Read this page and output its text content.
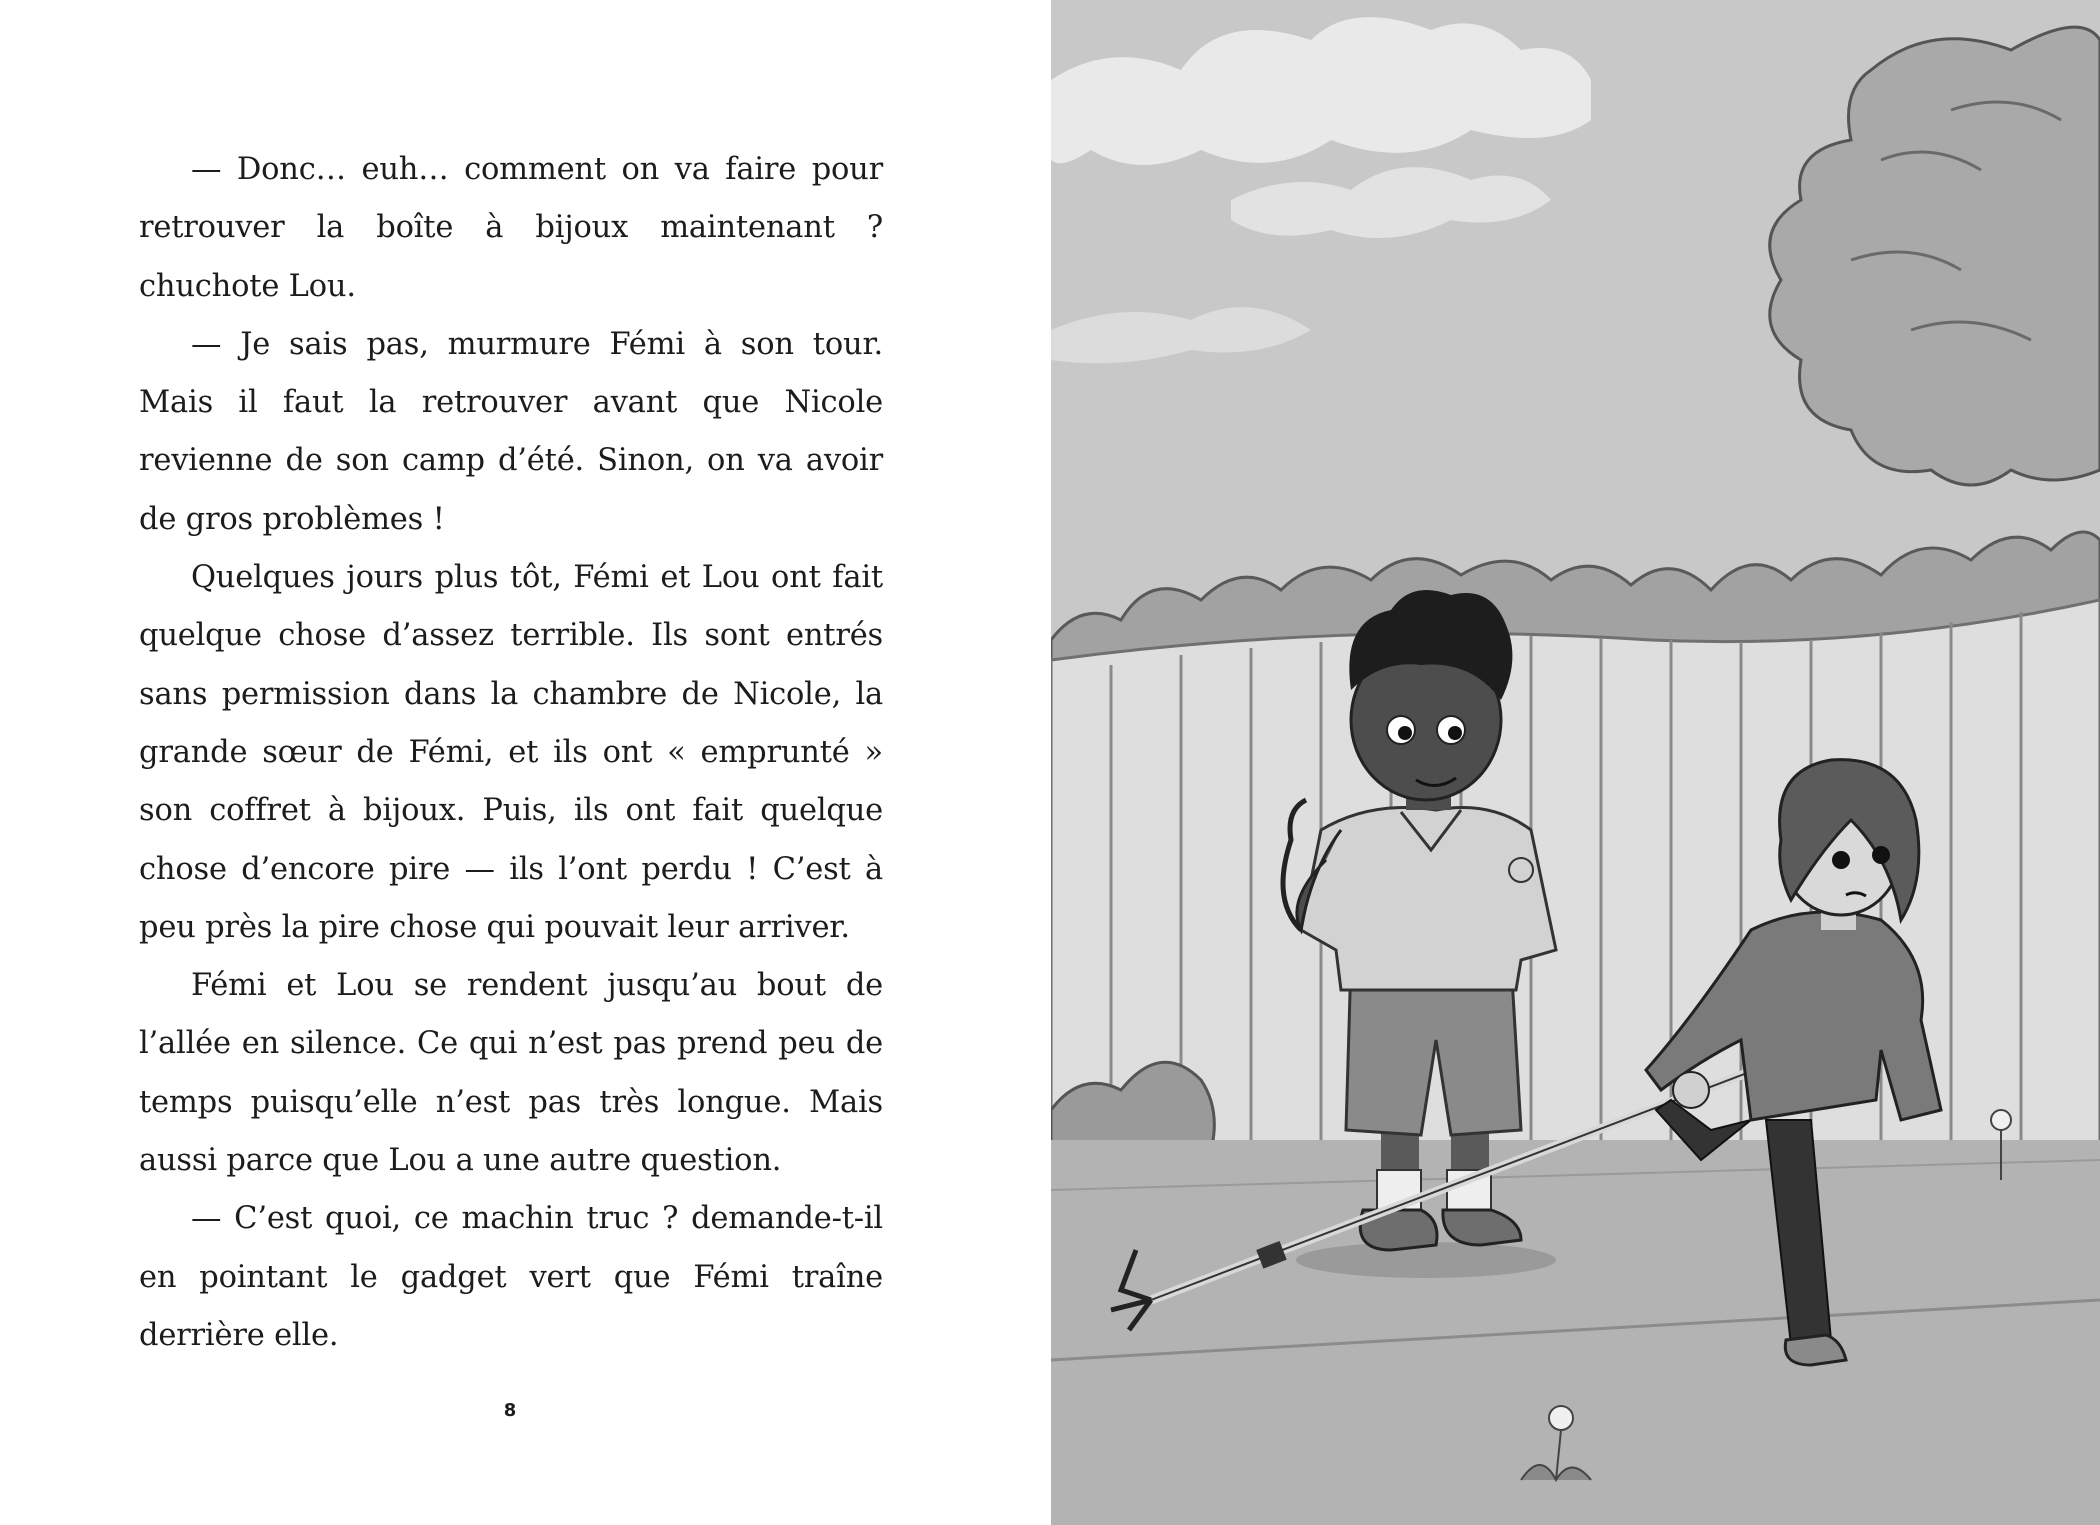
— Donc… euh… comment on va faire pour retrouver la boîte à bijoux maintenant ? chuchote Lou.

— Je sais pas, murmure Fémi à son tour. Mais il faut la retrouver avant que Nicole revienne de son camp d’été. Sinon, on va avoir de gros problèmes !

Quelques jours plus tôt, Fémi et Lou ont fait quelque chose d’assez terrible. Ils sont entrés sans permission dans la chambre de Nicole, la grande sœur de Fémi, et ils ont « emprunté » son coffret à bijoux. Puis, ils ont fait quelque chose d’encore pire — ils l’ont perdu ! C’est à peu près la pire chose qui pouvait leur arriver.

Fémi et Lou se rendent jusqu’au bout de l’allée en silence. Ce qui n’est pas prend peu de temps puisqu’elle n’est pas très longue. Mais aussi parce que Lou a une autre question.

— C’est quoi, ce machin truc ? demande-t-il en pointant le gadget vert que Fémi traîne derrière elle.

8
